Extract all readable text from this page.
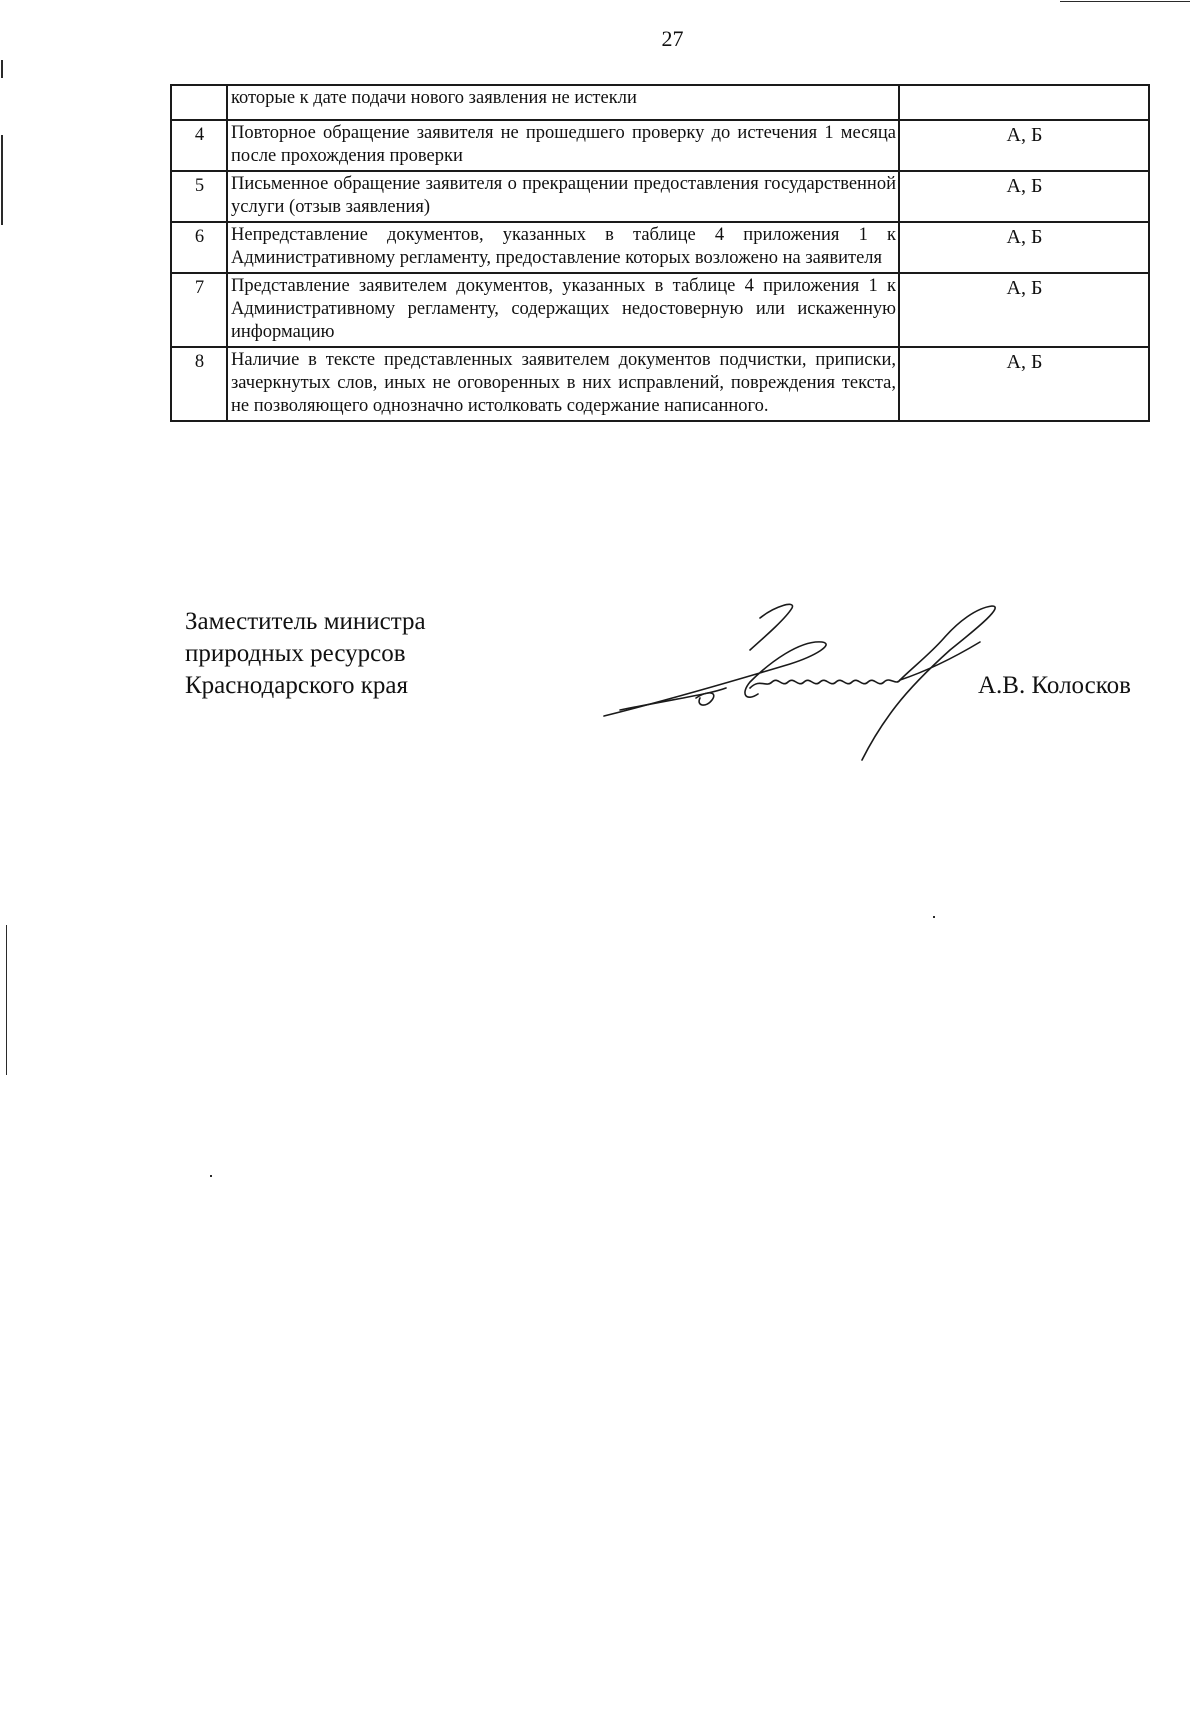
27
	которые к дате подачи нового заявления не истекли	
4	Повторное обращение заявителя не прошедшего проверку до истечения 1 месяца после прохождения проверки	А, Б
5	Письменное обращение заявителя о прекращении предоставления государственной услуги (отзыв заявления)	А, Б
6	Непредставление документов, указанных в таблице 4 приложения 1 к Административному регламенту, предоставление которых возложено на заявителя	А, Б
7	Представление заявителем документов, указанных в таблице 4 приложения 1 к Административному регламенту, содержащих недостоверную или искаженную информацию	А, Б
8	Наличие в тексте представленных заявителем документов подчистки, приписки, зачеркнутых слов, иных не оговоренных в них исправлений, повреждения текста, не позволяющего однозначно истолковать содержание написанного.	А, Б
Заместитель министра
природных ресурсов
Краснодарского края	А.В. Колосков
